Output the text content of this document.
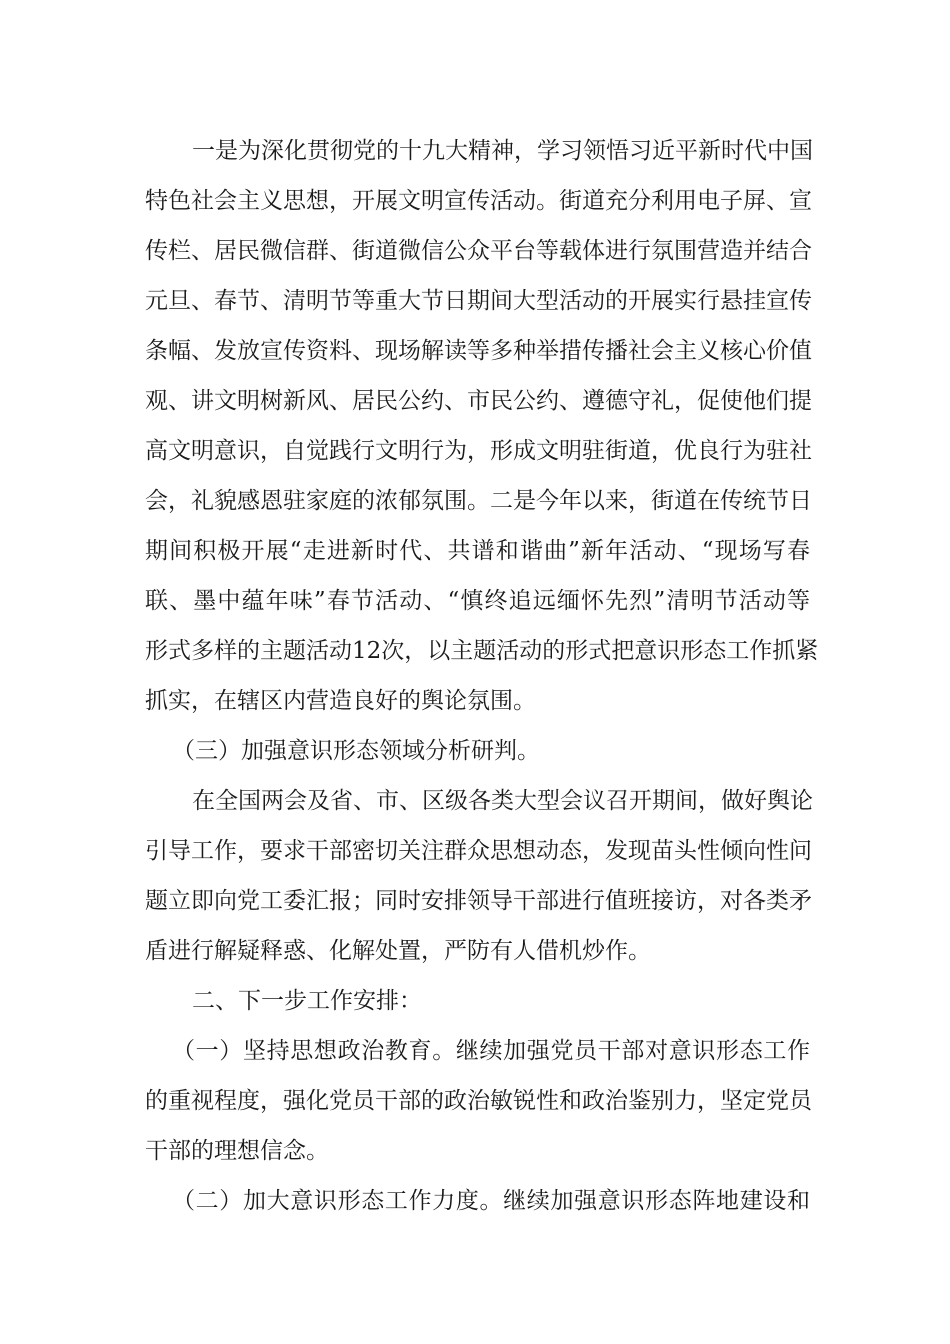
一是为深化贯彻党的十九大精神，学习领悟习近平新时代中国
特色社会主义思想，开展文明宣传活动。街道充分利用电子屏、宣
传栏、居民微信群、街道微信公众平台等载体进行氛围营造并结合
元旦、春节、清明节等重大节日期间大型活动的开展实行悬挂宣传
条幅、发放宣传资料、现场解读等多种举措传播社会主义核心价值
观、讲文明树新风、居民公约、市民公约、遵德守礼，促使他们提
高文明意识，自觉践行文明行为，形成文明驻街道，优良行为驻社
会，礼貌感恩驻家庭的浓郁氛围。二是今年以来，街道在传统节日
期间积极开展“走进新时代、共谱和谐曲”新年活动、“现场写春
联、墨中蕴年味”春节活动、“慎终追远缅怀先烈”清明节活动等
形式多样的主题活动12次，以主题活动的形式把意识形态工作抓紧
抓实，在辖区内营造良好的舆论氛围。
（三）加强意识形态领域分析研判。
在全国两会及省、市、区级各类大型会议召开期间，做好舆论
引导工作，要求干部密切关注群众思想动态，发现苗头性倾向性问
题立即向党工委汇报；同时安排领导干部进行值班接访，对各类矛
盾进行解疑释惑、化解处置，严防有人借机炒作。
二、下一步工作安排：
（一）坚持思想政治教育。继续加强党员干部对意识形态工作
的重视程度，强化党员干部的政治敏锐性和政治鉴别力，坚定党员
干部的理想信念。
（二）加大意识形态工作力度。继续加强意识形态阵地建设和
